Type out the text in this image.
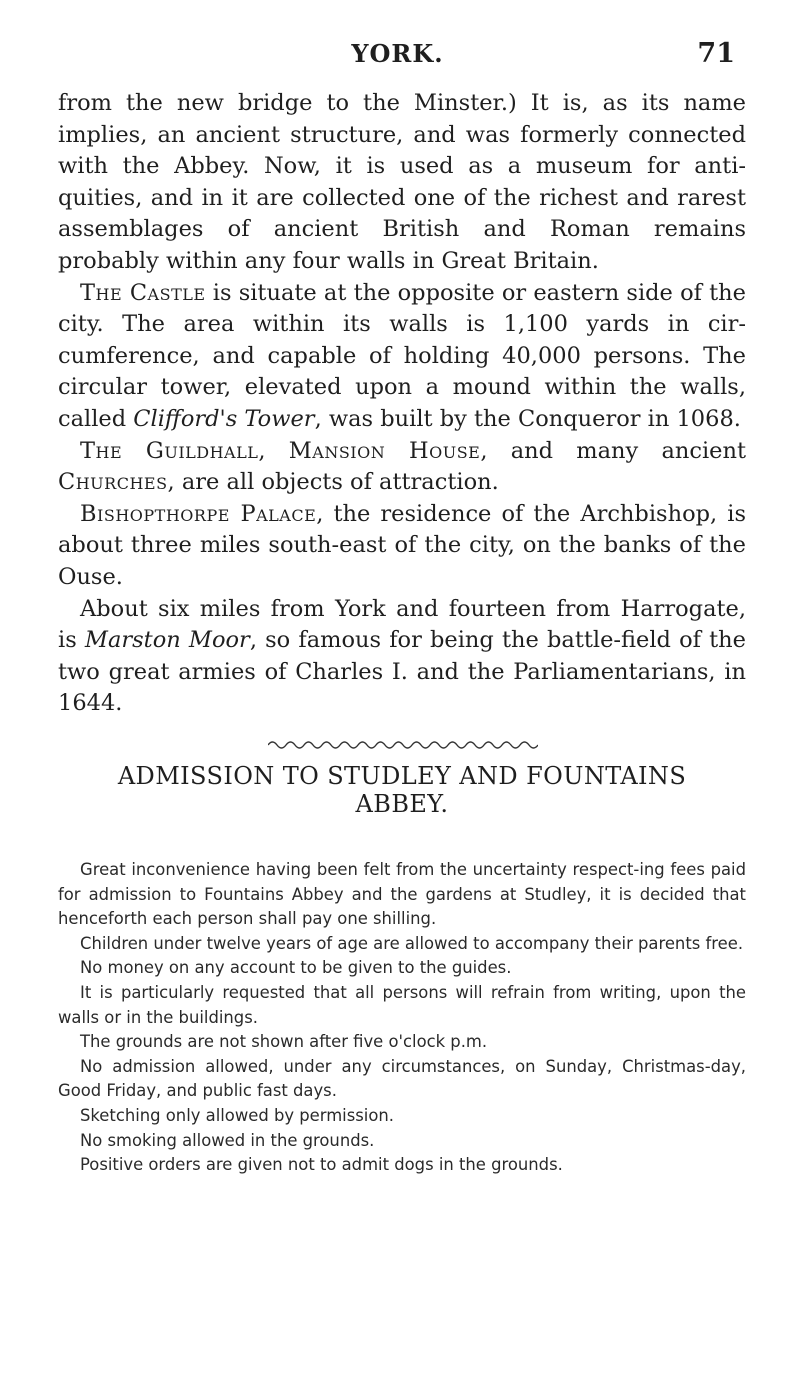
YORK.	71

from the new bridge to the Minster.) It is, as its name implies, an ancient structure, and was formerly connected with the Abbey. Now, it is used as a museum for anti-quities, and in it are collected one of the richest and rarest assemblages of ancient British and Roman remains probably within any four walls in Great Britain.

The Castle is situate at the opposite or eastern side of the city. The area within its walls is 1,100 yards in cir-cumference, and capable of holding 40,000 persons. The circular tower, elevated upon a mound within the walls, called Clifford's Tower, was built by the Conqueror in 1068.

The Guildhall, Mansion House, and many ancient Churches, are all objects of attraction.

Bishopthorpe Palace, the residence of the Archbishop, is about three miles south-east of the city, on the banks of the Ouse.

About six miles from York and fourteen from Harrogate, is Marston Moor, so famous for being the battle-field of the two great armies of Charles I. and the Parliamentarians, in 1644.

ADMISSION TO STUDLEY AND FOUNTAINS
ABBEY.

Great inconvenience having been felt from the uncertainty respect-ing fees paid for admission to Fountains Abbey and the gardens at Studley, it is decided that henceforth each person shall pay one shilling.

Children under twelve years of age are allowed to accompany their parents free.

No money on any account to be given to the guides.

It is particularly requested that all persons will refrain from writing, upon the walls or in the buildings.

The grounds are not shown after five o'clock p.m.

No admission allowed, under any circumstances, on Sunday, Christmas-day, Good Friday, and public fast days.

Sketching only allowed by permission.

No smoking allowed in the grounds.

Positive orders are given not to admit dogs in the grounds.
